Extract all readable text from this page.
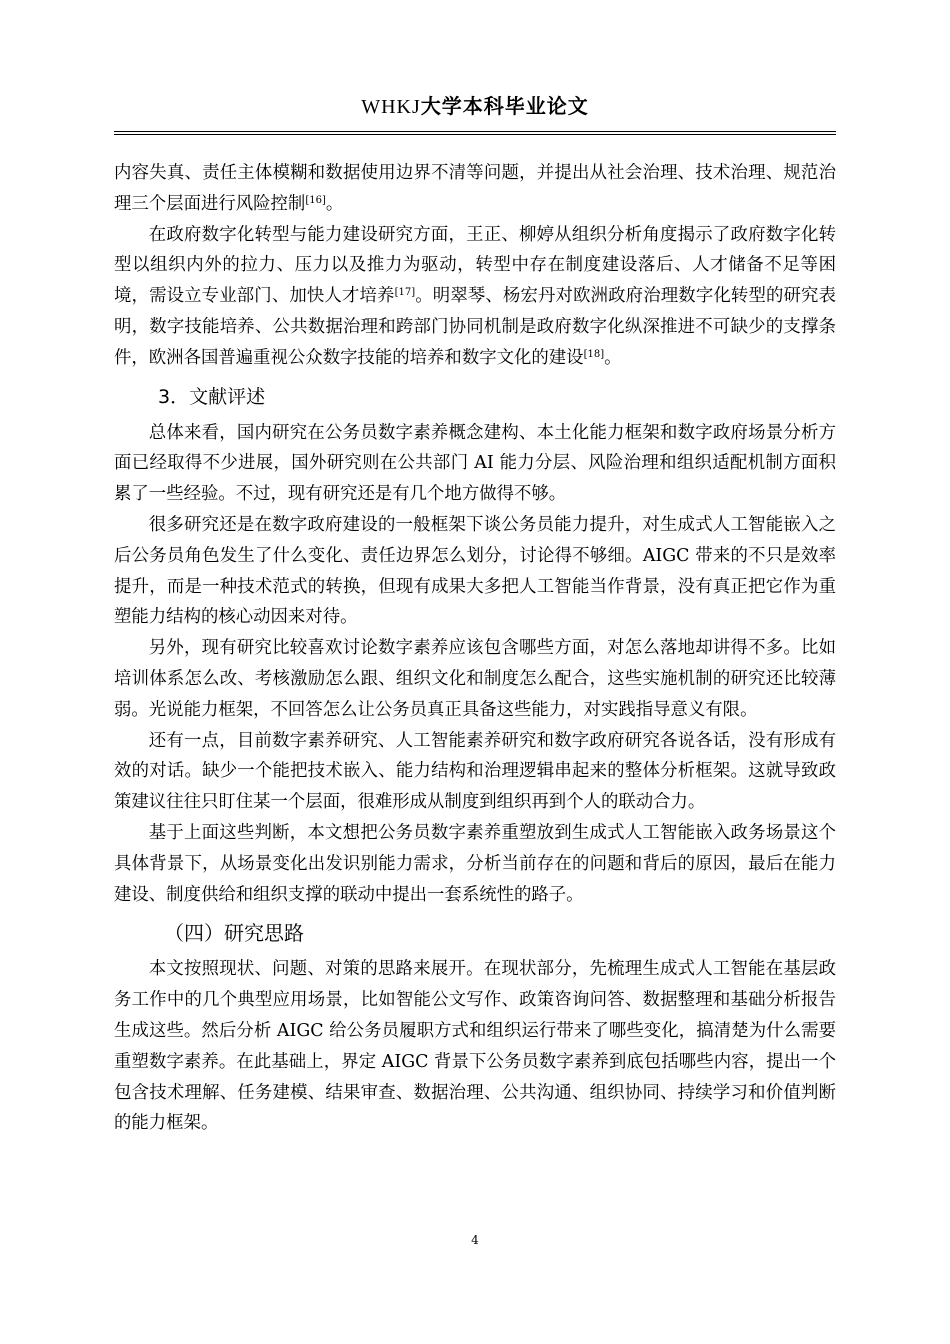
WHKJ大学本科毕业论文

内容失真、责任主体模糊和数据使用边界不清等问题，并提出从社会治理、技术治理、规范治理三个层面进行风险控制[16]。

在政府数字化转型与能力建设研究方面，王正、柳婷从组织分析角度揭示了政府数字化转型以组织内外的拉力、压力以及推力为驱动，转型中存在制度建设落后、人才储备不足等困境，需设立专业部门、加快人才培养[17]。明翠琴、杨宏丹对欧洲政府治理数字化转型的研究表明，数字技能培养、公共数据治理和跨部门协同机制是政府数字化纵深推进不可缺少的支撑条件，欧洲各国普遍重视公众数字技能的培养和数字文化的建设[18]。

3．文献评述

总体来看，国内研究在公务员数字素养概念建构、本土化能力框架和数字政府场景分析方面已经取得不少进展，国外研究则在公共部门 AI 能力分层、风险治理和组织适配机制方面积累了一些经验。不过，现有研究还是有几个地方做得不够。

很多研究还是在数字政府建设的一般框架下谈公务员能力提升，对生成式人工智能嵌入之后公务员角色发生了什么变化、责任边界怎么划分，讨论得不够细。AIGC 带来的不只是效率提升，而是一种技术范式的转换，但现有成果大多把人工智能当作背景，没有真正把它作为重塑能力结构的核心动因来对待。

另外，现有研究比较喜欢讨论数字素养应该包含哪些方面，对怎么落地却讲得不多。比如培训体系怎么改、考核激励怎么跟、组织文化和制度怎么配合，这些实施机制的研究还比较薄弱。光说能力框架，不回答怎么让公务员真正具备这些能力，对实践指导意义有限。

还有一点，目前数字素养研究、人工智能素养研究和数字政府研究各说各话，没有形成有效的对话。缺少一个能把技术嵌入、能力结构和治理逻辑串起来的整体分析框架。这就导致政策建议往往只盯住某一个层面，很难形成从制度到组织再到个人的联动合力。

基于上面这些判断，本文想把公务员数字素养重塑放到生成式人工智能嵌入政务场景这个具体背景下，从场景变化出发识别能力需求，分析当前存在的问题和背后的原因，最后在能力建设、制度供给和组织支撑的联动中提出一套系统性的路子。

（四）研究思路

本文按照现状、问题、对策的思路来展开。在现状部分，先梳理生成式人工智能在基层政务工作中的几个典型应用场景，比如智能公文写作、政策咨询问答、数据整理和基础分析报告生成这些。然后分析 AIGC 给公务员履职方式和组织运行带来了哪些变化，搞清楚为什么需要重塑数字素养。在此基础上，界定 AIGC 背景下公务员数字素养到底包括哪些内容，提出一个包含技术理解、任务建模、结果审查、数据治理、公共沟通、组织协同、持续学习和价值判断的能力框架。

4
